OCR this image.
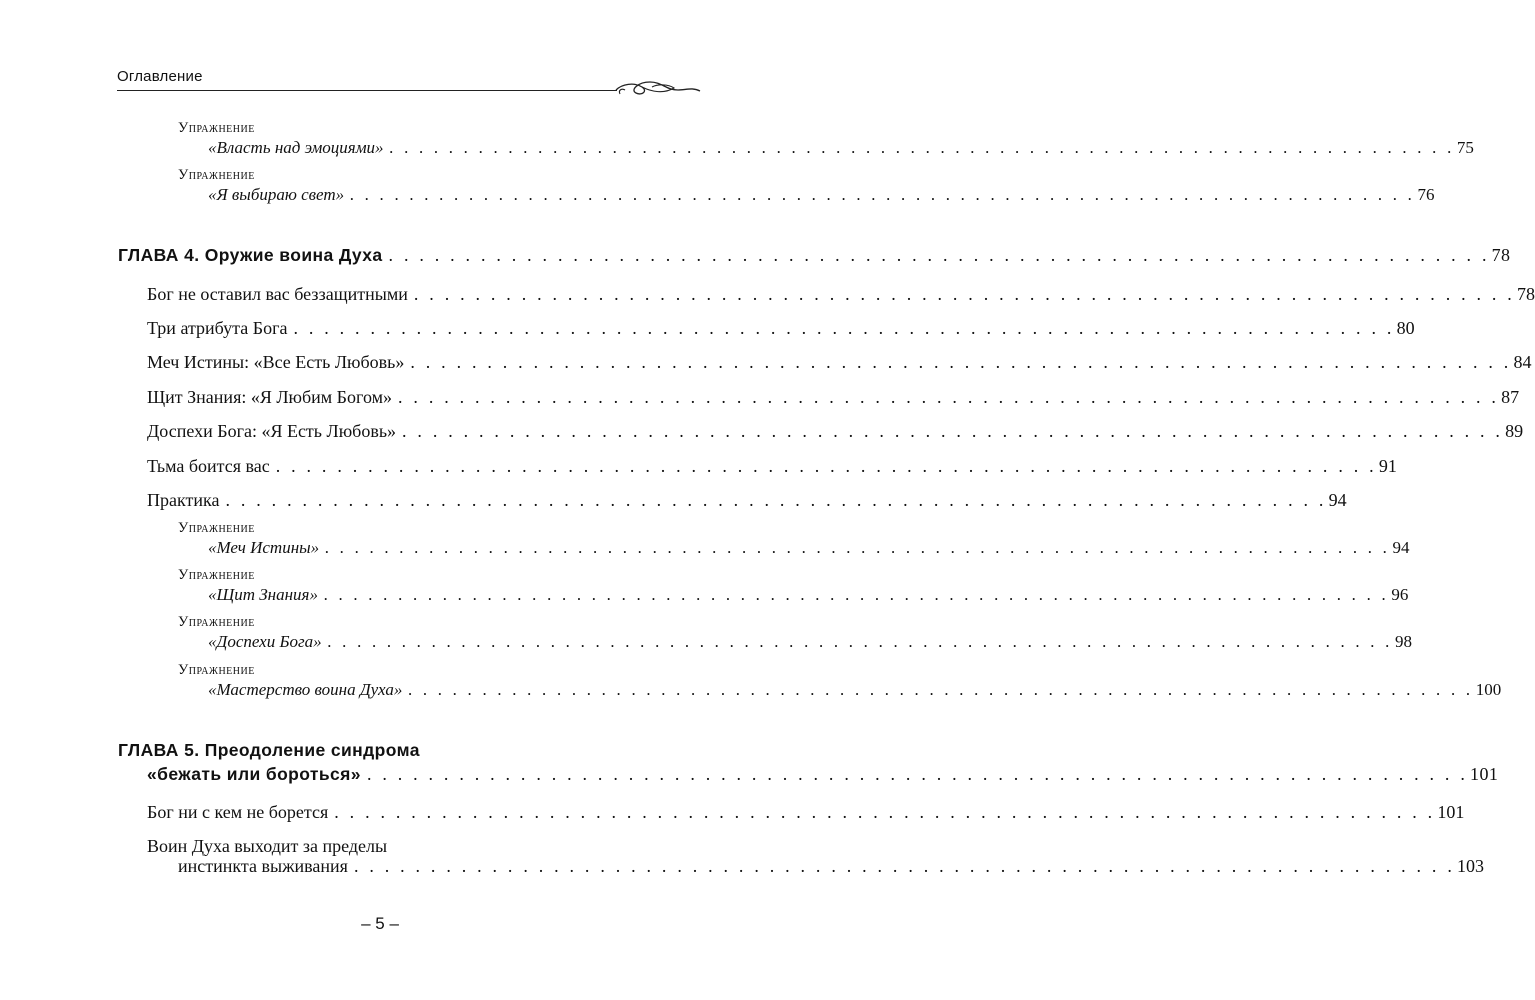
Оглавление
Упражнение
«Власть над эмоциями» . . . . . . . . . . . . . . . . . . . . . . . . . . . . . . . . . . . . . . . . . . . . . . . . . . . . . . . . . . . . . . . . . . . . . . . . 75
Упражнение
«Я выбираю свет» . . . . . . . . . . . . . . . . . . . . . . . . . . . . . . . . . . . . . . . . . . . . . . . . . . . . . . . . . . . . . . . . . . . . . . . . 76
ГЛАВА 4. Оружие воина Духа . . . . . . . . . . . . . . . . . . . . . . . . . . . . . . . . . . . . . . . . . . . . . . . . . . . . . . . . . . . . . . . . . . . . . . . . 78
Бог не оставил вас беззащитными . . . . . . . . . . . . . . . . . . . . . . . . . . . . . . . . . . . . . . . . . . . . . . . . . . . . . . . . . . . . . . . . . . . . . . . . 78
Три атрибута Бога . . . . . . . . . . . . . . . . . . . . . . . . . . . . . . . . . . . . . . . . . . . . . . . . . . . . . . . . . . . . . . . . . . . . . . . . 80
Меч Истины: «Все Есть Любовь» . . . . . . . . . . . . . . . . . . . . . . . . . . . . . . . . . . . . . . . . . . . . . . . . . . . . . . . . . . . . . . . . . . . . . . . . 84
Щит Знания: «Я Любим Богом» . . . . . . . . . . . . . . . . . . . . . . . . . . . . . . . . . . . . . . . . . . . . . . . . . . . . . . . . . . . . . . . . . . . . . . . . 87
Доспехи Бога: «Я Есть Любовь» . . . . . . . . . . . . . . . . . . . . . . . . . . . . . . . . . . . . . . . . . . . . . . . . . . . . . . . . . . . . . . . . . . . . . . . . 89
Тьма боится вас . . . . . . . . . . . . . . . . . . . . . . . . . . . . . . . . . . . . . . . . . . . . . . . . . . . . . . . . . . . . . . . . . . . . . . . . 91
Практика . . . . . . . . . . . . . . . . . . . . . . . . . . . . . . . . . . . . . . . . . . . . . . . . . . . . . . . . . . . . . . . . . . . . . . . . 94
Упражнение
«Меч Истины» . . . . . . . . . . . . . . . . . . . . . . . . . . . . . . . . . . . . . . . . . . . . . . . . . . . . . . . . . . . . . . . . . . . . . . . . 94
Упражнение
«Щит Знания» . . . . . . . . . . . . . . . . . . . . . . . . . . . . . . . . . . . . . . . . . . . . . . . . . . . . . . . . . . . . . . . . . . . . . . . . 96
Упражнение
«Доспехи Бога» . . . . . . . . . . . . . . . . . . . . . . . . . . . . . . . . . . . . . . . . . . . . . . . . . . . . . . . . . . . . . . . . . . . . . . . . 98
Упражнение
«Мастерство воина Духа» . . . . . . . . . . . . . . . . . . . . . . . . . . . . . . . . . . . . . . . . . . . . . . . . . . . . . . . . . . . . . . . . . . . . . . . . 100
ГЛАВА 5. Преодоление синдрома
«бежать или бороться» . . . . . . . . . . . . . . . . . . . . . . . . . . . . . . . . . . . . . . . . . . . . . . . . . . . . . . . . . . . . . . . . . . . . . . . . 101
Бог ни с кем не борется . . . . . . . . . . . . . . . . . . . . . . . . . . . . . . . . . . . . . . . . . . . . . . . . . . . . . . . . . . . . . . . . . . . . . . . . 101
Воин Духа выходит за пределы
инстинкта выживания . . . . . . . . . . . . . . . . . . . . . . . . . . . . . . . . . . . . . . . . . . . . . . . . . . . . . . . . . . . . . . . . . . . . . . . . 103
– 5 –
